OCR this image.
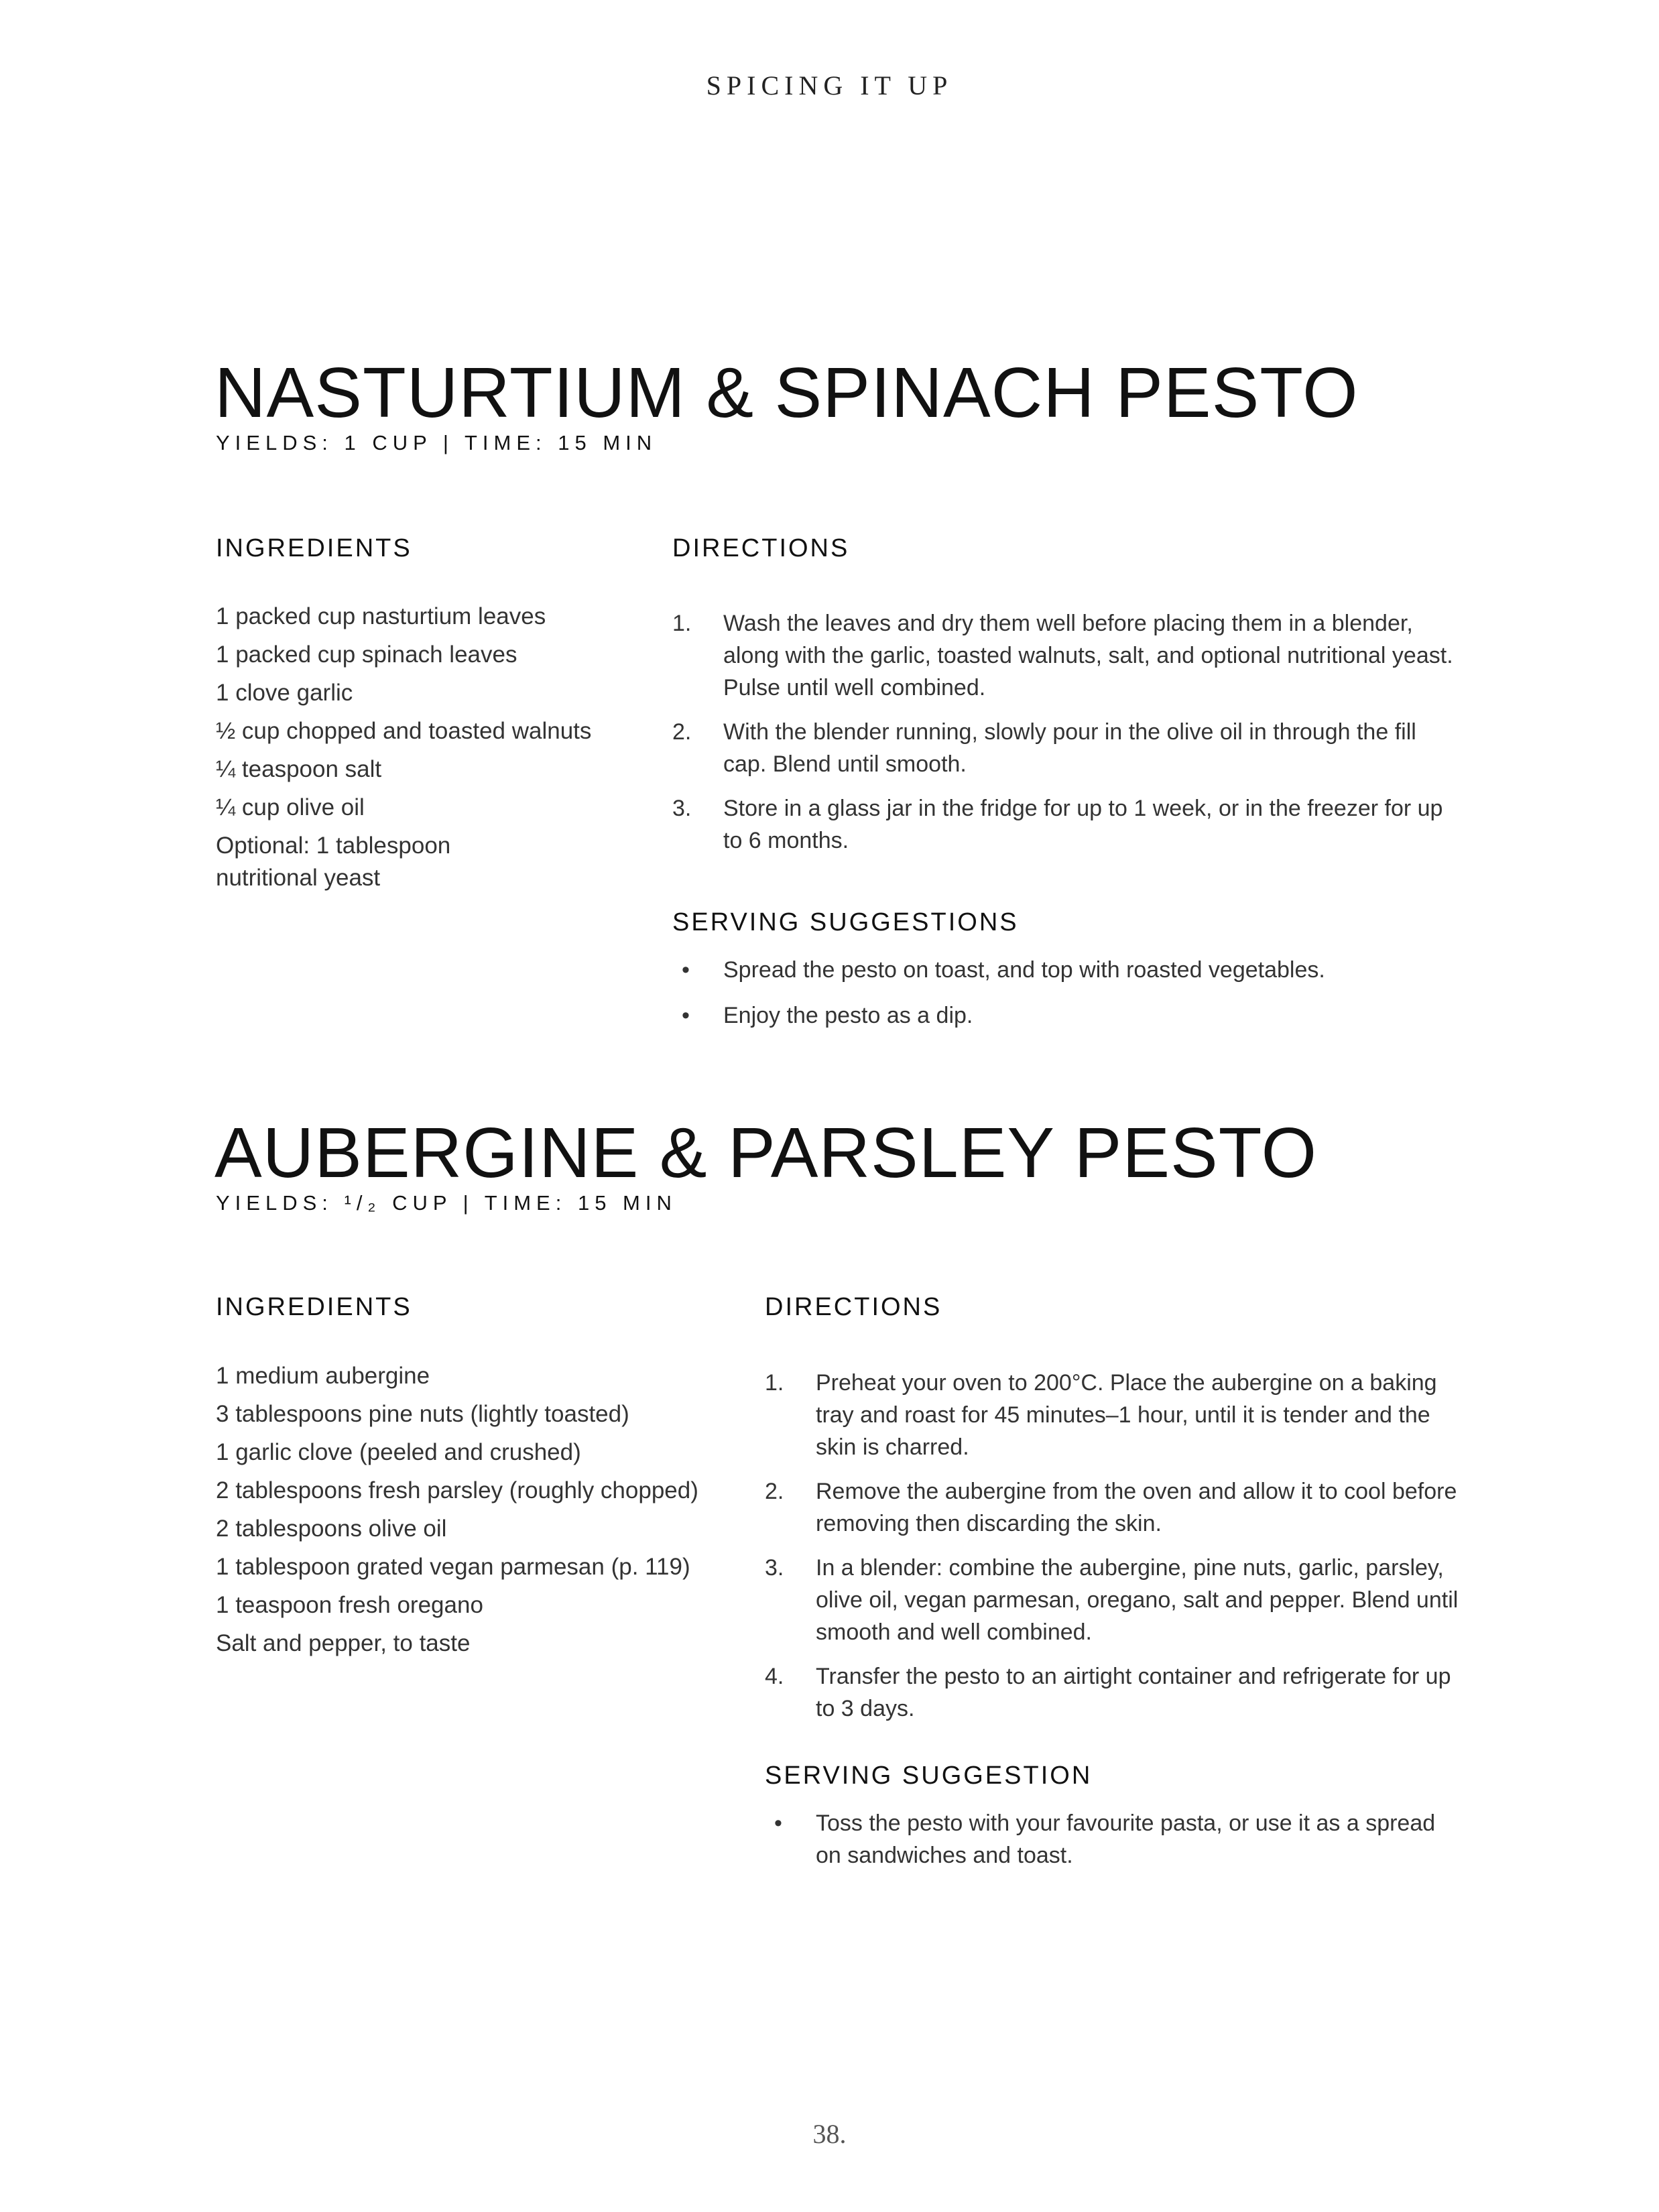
SPICING IT UP
NASTURTIUM & SPINACH PESTO
YIELDS: 1 CUP | TIME: 15 MIN
INGREDIENTS
1 packed cup nasturtium leaves
1 packed cup spinach leaves
1 clove garlic
½ cup chopped and toasted walnuts
¼ teaspoon salt
¼ cup olive oil
Optional: 1 tablespoon
nutritional yeast
DIRECTIONS
1.	Wash the leaves and dry them well before placing them in a blender, along with the garlic, toasted walnuts, salt, and optional nutritional yeast. Pulse until well combined.
2.	With the blender running, slowly pour in the olive oil in through the fill cap. Blend until smooth.
3.	Store in a glass jar in the fridge for up to 1 week, or in the freezer for up to 6 months.
SERVING SUGGESTIONS
•	Spread the pesto on toast, and top with roasted vegetables.
•	Enjoy the pesto as a dip.
AUBERGINE & PARSLEY PESTO
YIELDS: ¹/₂ CUP | TIME: 15 MIN
INGREDIENTS
1 medium aubergine
3 tablespoons pine nuts (lightly toasted)
1 garlic clove (peeled and crushed)
2 tablespoons fresh parsley (roughly chopped)
2 tablespoons olive oil
1 tablespoon grated vegan parmesan (p. 119)
1 teaspoon fresh oregano
Salt and pepper, to taste
DIRECTIONS
1.	Preheat your oven to 200°C. Place the aubergine on a baking tray and roast for 45 minutes–1 hour, until it is tender and the skin is charred.
2.	Remove the aubergine from the oven and allow it to cool before removing then discarding the skin.
3.	In a blender: combine the aubergine, pine nuts, garlic, parsley, olive oil, vegan parmesan, oregano, salt and pepper. Blend until smooth and well combined.
4.	Transfer the pesto to an airtight container and refrigerate for up to 3 days.
SERVING SUGGESTION
•	Toss the pesto with your favourite pasta, or use it as a spread on sandwiches and toast.
38.
